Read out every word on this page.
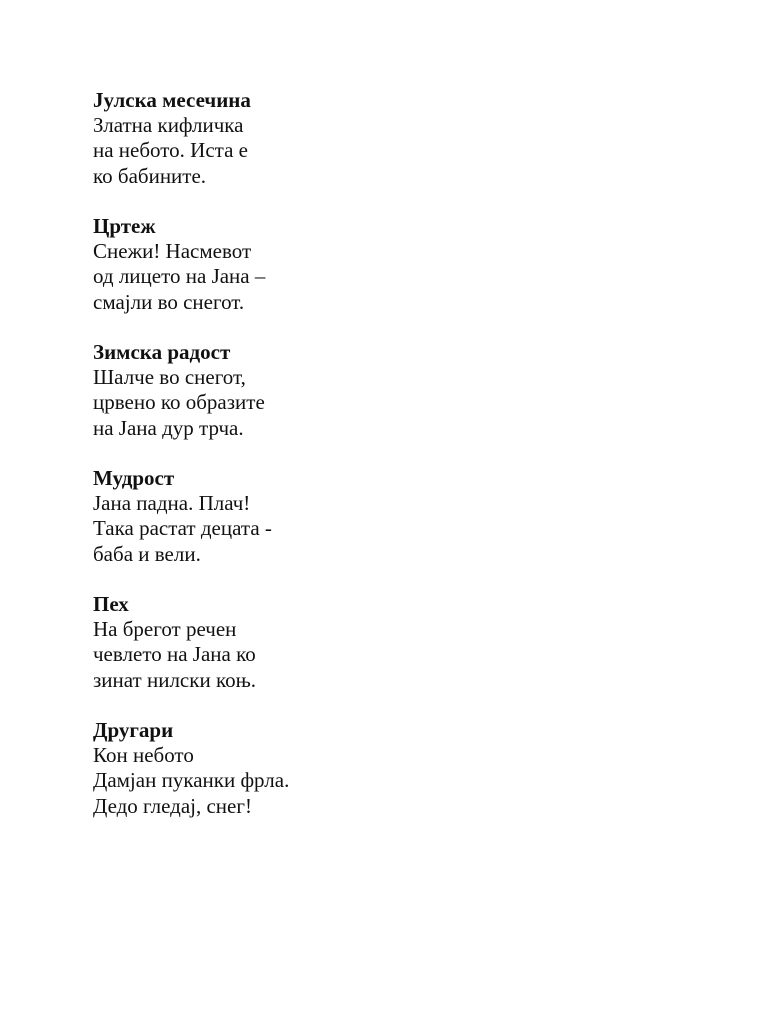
Јулска месечина
Златна кифличка
на небото. Иста е
ко бабините.
Цртеж
Снежи! Насмевот
од лицето на Јана –
смајли во снегот.
Зимска радост
Шалче во снегот,
црвено ко образите
на Јана дур трча.
Мудрост
Јана падна. Плач!
Така растат децата -
баба и вели.
Пех
На брегот речен
чевлето на Јана ко
зинат нилски коњ.
Другари
Кон небото
Дамјан пуканки фрла.
Дедо гледај, снег!
